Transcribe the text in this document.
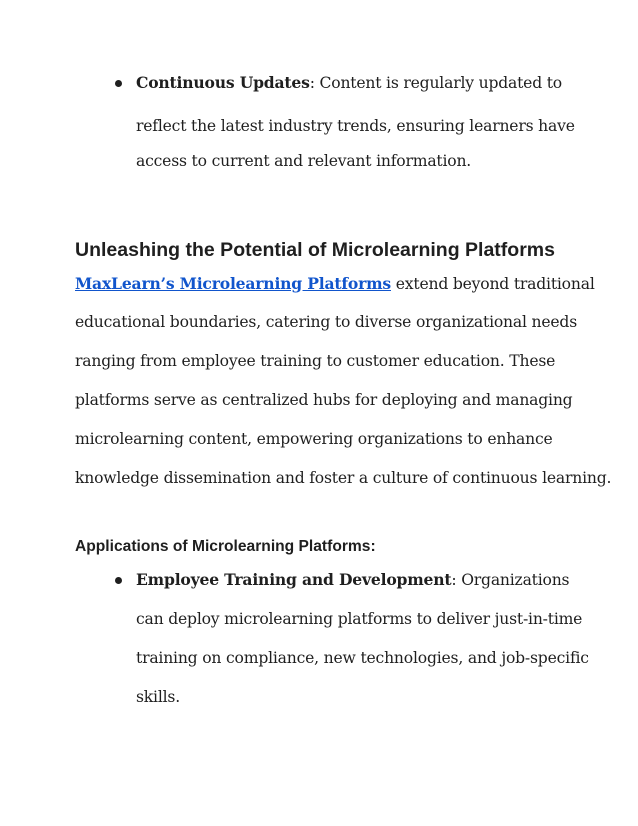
Continuous Updates: Content is regularly updated to
reflect the latest industry trends, ensuring learners have
access to current and relevant information.
Unleashing the Potential of Microlearning Platforms
MaxLearn’s Microlearning Platforms extend beyond traditional
educational boundaries, catering to diverse organizational needs
ranging from employee training to customer education. These
platforms serve as centralized hubs for deploying and managing
microlearning content, empowering organizations to enhance
knowledge dissemination and foster a culture of continuous learning.
Applications of Microlearning Platforms:
Employee Training and Development: Organizations
can deploy microlearning platforms to deliver just-in-time
training on compliance, new technologies, and job-specific
skills.
